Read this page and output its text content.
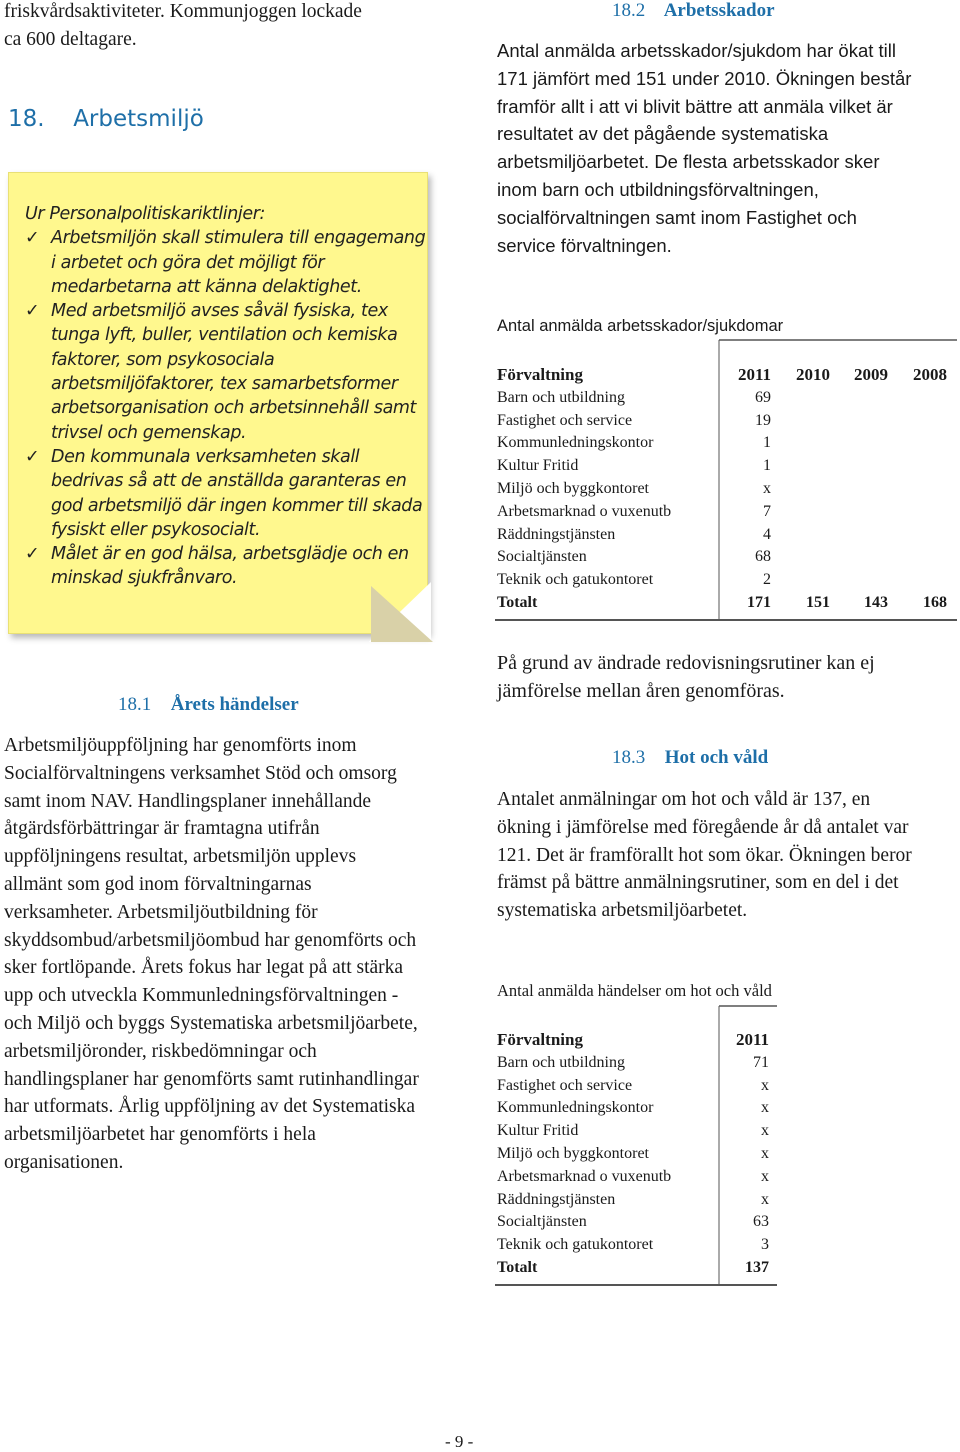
friskvårdsaktiviteter. Kommunjoggen lockade ca 600 deltagare.
18. Arbetsmiljö
Ur Personalpolitiskariktlinjer:
✓ Arbetsmiljön skall stimulera till engagemang i arbetet och göra det möjligt för medarbetarna att känna delaktighet.
✓ Med arbetsmiljö avses såväl fysiska, tex tunga lyft, buller, ventilation och kemiska faktorer, som psykosociala arbetsmiljöfaktorer, tex samarbetsformer arbetsorganisation och arbetsinnehåll samt trivsel och gemenskap.
✓ Den kommunala verksamheten skall bedrivas så att de anställda garanteras en god arbetsmiljö där ingen kommer till skada fysiskt eller psykosocialt.
✓ Målet är en god hälsa, arbetsglädje och en minskad sjukfrånvaro.
18.1 Årets händelser
Arbetsmiljöuppföljning har genomförts inom Socialförvaltningens verksamhet Stöd och omsorg samt inom NAV. Handlingsplaner innehållande åtgärdsförbättringar är framtagna utifrån uppföljningens resultat, arbetsmiljön upplevs allmänt som god inom förvaltningarnas verksamheter. Arbetsmiljöutbildning för skyddsombud/arbetsmiljöombud har genomförts och sker fortlöpande. Årets fokus har legat på att stärka upp och utveckla Kommunledningsförvaltningen - och Miljö och byggs Systematiska arbetsmiljöarbete, arbetsmiljöronder, riskbedömningar och handlingsplaner har genomförts samt rutinhandlingar har utformats. Årlig uppföljning av det Systematiska arbetsmiljöarbetet har genomförts i hela organisationen.
18.2 Arbetsskador
Antal anmälda arbetsskador/sjukdom har ökat till 171 jämfört med 151 under 2010. Ökningen består framför allt i att vi blivit bättre att anmäla vilket är resultatet av det pågående systematiska arbetsmiljöarbetet. De flesta arbetsskador sker inom barn och utbildningsförvaltningen, socialförvaltningen samt inom Fastighet och service förvaltningen.
Antal anmälda arbetsskador/sjukdomar
Förvaltning	2011	2010	2009	2008
Barn och utbildning	69			
Fastighet och service	19			
Kommunledningskontor	1			
Kultur Fritid	1			
Miljö och byggkontoret	x			
Arbetsmarknad o vuxenutb	7			
Räddningstjänsten	4			
Socialtjänsten	68			
Teknik och gatukontoret	2			
Totalt	171	151	143	168
På grund av ändrade redovisningsrutiner kan ej jämförelse mellan åren genomföras.
18.3 Hot och våld
Antalet anmälningar om hot och våld är 137, en ökning i jämförelse med föregående år då antalet var 121. Det är framförallt hot som ökar. Ökningen beror främst på bättre anmälningsrutiner, som en del i det systematiska arbetsmiljöarbetet.
Antal anmälda händelser om hot och våld
Förvaltning	2011
Barn och utbildning	71
Fastighet och service	x
Kommunledningskontor	x
Kultur Fritid	x
Miljö och byggkontoret	x
Arbetsmarknad o vuxenutb	x
Räddningstjänsten	x
Socialtjänsten	63
Teknik och gatukontoret	3
Totalt	137
- 9 -
